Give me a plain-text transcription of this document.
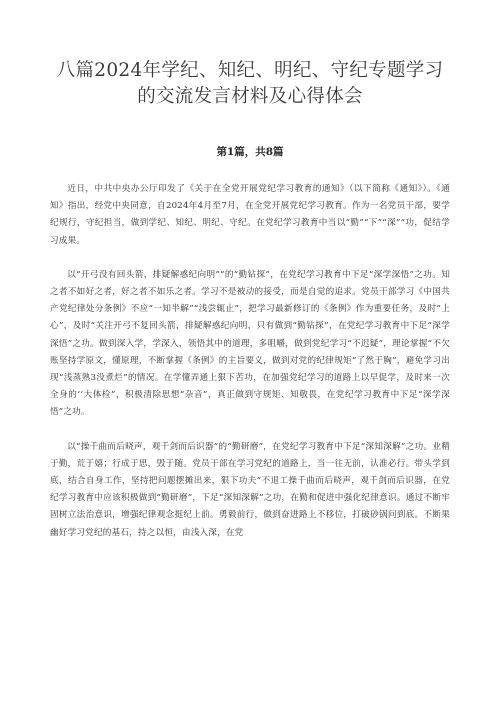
八篇2024年学纪、知纪、明纪、守纪专题学习的交流发言材料及心得体会
第1篇，共8篇

近日，中共中央办公厅印发了《关于在全党开展党纪学习教育的通知》（以下简称《通知》）。《通知》指出，经党中央同意，自2024年4月至7月，在全党开展党纪学习教育。作为一名党员干部，要学纪规行，守纪担当，做到学纪、知纪、明纪、守纪。在党纪学习教育中当以“勤”“下”“深”“功，促结学习成果。

以“开弓没有回头箭，排疑解惑纪向明”“的“勤钻探”，在党纪学习教育中下足“深学深悟”之功。知之者不如好之者，好之者不如乐之者。学习不是被动的接受，而是自觉的追求。党员干部学习《中国共产党纪律处分条例》不应“一知半解”“浅尝辄止”，把学习最新修订的《条例》作为重要任务，及时“上心”，及时“关注开弓不复回头箭，排疑解惑纪向明，只有做到“勤钻探”，在党纪学习教育中下足“深学深悟”之功。做到深入学，学深入，领悟其中的道理，多咀嚼，做到党纪学习“不迟疑”，理论掌握“不欠账坚持学原文，懂原理，不断掌握《条例》的主旨要义，做到对党的纪律规矩“了然于胸”，避免学习出现“浅蒸熟3没煮烂”的情况。在学懂弄通上狠下苦功，在加强党纪学习的道路上以早促学，及时来一次全身的‘‘大体检”，积极清除思想“杂音”，真正做到守规矩、知敬畏，在党纪学习教育中下足“深学深悟”之功。

以“操千曲而后晓声，观千剑而后识器”的“勤研磨”，在党纪学习教育中下足“深知深解”之功。业精于勤，荒于嬉；行成于思，毁于随。党员干部在学习党纪的道路上，当一往无前，认准必行。带头学到底，结合自身工作，坚持把问题摆摊出来，狠下功夫“不退工操千曲而后晓声，观千剑而后识器，在党纪学习教育中应该积极做到“勤研磨”，下足“深知深解”之功，在勤和促进中强化纪律意识。通过不断牢固树立法治意识，增强纪律观念挺纪上前。勇毅前行，做到奋进路上不移位，打破砂锅问到底。不断果幽好学习党纪的基石，持之以恒，由浅入深，在党
